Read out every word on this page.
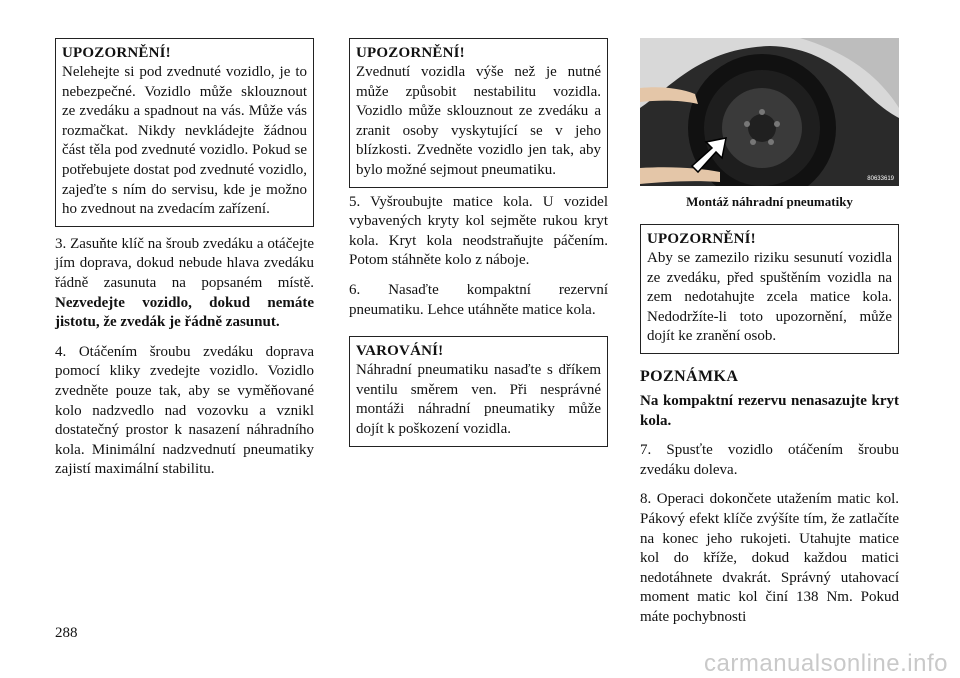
UPOZORNĚNÍ!

Nelehejte si pod zvednuté vozidlo, je to nebezpečné. Vozidlo může sklouznout ze zvedáku a spadnout na vás. Může vás rozmačkat. Nikdy nevkládejte žádnou část těla pod zvednuté vozidlo. Pokud se potřebujete dostat pod zvednuté vozidlo, zajeďte s ním do servisu, kde je možno ho zvednout na zvedacím zařízení.

3. Zasuňte klíč na šroub zvedáku a otáčejte jím doprava, dokud nebude hlava zvedáku řádně zasunuta na popsaném místě. Nezvedejte vozidlo, dokud nemáte jistotu, že zvedák je řádně zasunut.

4. Otáčením šroubu zvedáku doprava pomocí kliky zvedejte vozidlo. Vozidlo zvedněte pouze tak, aby se vyměňované kolo nadzvedlo nad vozovku a vznikl dostatečný prostor k nasazení náhradního kola. Minimální nadzvednutí pneumatiky zajistí maximální stabilitu.

UPOZORNĚNÍ!

Zvednutí vozidla výše než je nutné může způsobit nestabilitu vozidla. Vozidlo může sklouznout ze zvedáku a zranit osoby vyskytující se v jeho blízkosti. Zvedněte vozidlo jen tak, aby bylo možné sejmout pneumatiku.

5. Vyšroubujte matice kola. U vozidel vybavených kryty kol sejměte rukou kryt kola. Kryt kola neodstraňujte páčením. Potom stáhněte kolo z náboje.

6. Nasaďte kompaktní rezervní pneumatiku. Lehce utáhněte matice kola.

VAROVÁNÍ!

Náhradní pneumatiku nasaďte s dříkem ventilu směrem ven. Při nesprávné montáži náhradní pneumatiky může dojít k poškození vozidla.

80633619
Montáž náhradní pneumatiky
UPOZORNĚNÍ!

Aby se zamezilo riziku sesunutí vozidla ze zvedáku, před spuštěním vozidla na zem nedotahujte zcela matice kola. Nedodržíte-li toto upozornění, může dojít ke zranění osob.

POZNÁMKA

Na kompaktní rezervu nenasazujte kryt kola.

7. Spusťte vozidlo otáčením šroubu zvedáku doleva.

8. Operaci dokončete utažením matic kol. Pákový efekt klíče zvýšíte tím, že zatlačíte na konec jeho rukojeti. Utahujte matice kol do kříže, dokud každou matici nedotáhnete dvakrát. Správný utahovací moment matic kol činí 138 Nm. Pokud máte pochybnosti

288
carmanualsonline.info
